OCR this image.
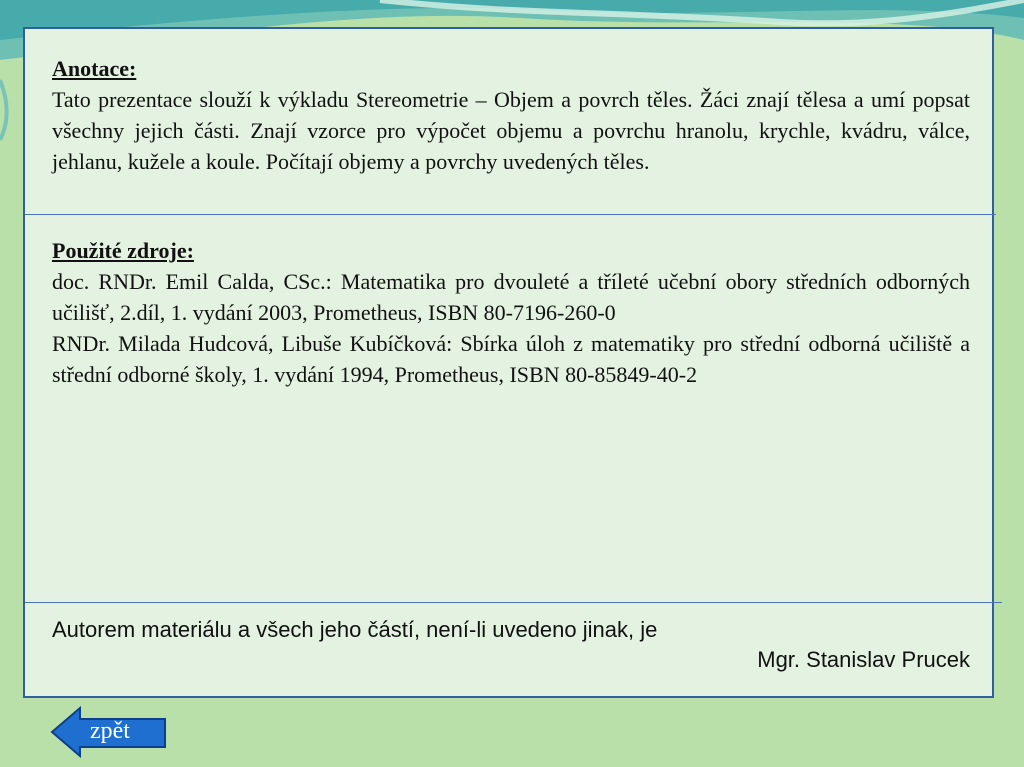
Anotace:
Tato prezentace slouží k výkladu Stereometrie – Objem a povrch těles. Žáci znají tělesa a umí popsat všechny jejich části. Znají vzorce pro výpočet objemu a povrchu hranolu, krychle, kvádru, válce, jehlanu, kužele a koule. Počítají objemy a povrchy uvedených těles.
Použité zdroje:
doc. RNDr. Emil Calda, CSc.: Matematika pro dvouleté a tříleté učební obory středních odborných učilišť, 2.díl, 1. vydání 2003, Prometheus, ISBN 80-7196-260-0
RNDr. Milada Hudcová, Libuše Kubíčková: Sbírka úloh z matematiky pro střední odborná učiliště a střední odborné školy, 1. vydání 1994, Prometheus, ISBN 80-85849-40-2
Autorem materiálu a všech jeho částí, není-li uvedeno jinak, je
Mgr. Stanislav Prucek
zpět
